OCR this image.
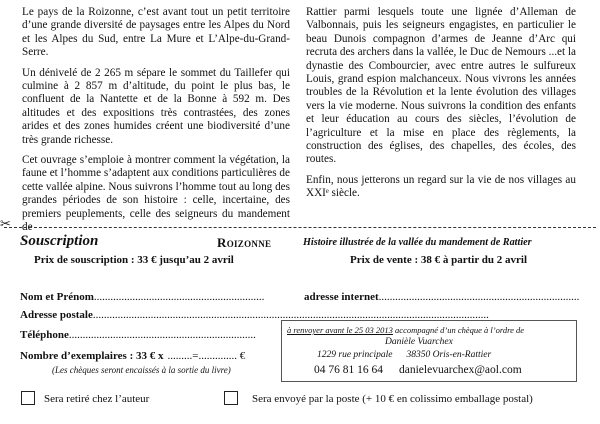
Le pays de la Roizonne, c’est avant tout un petit territoire d’une grande diversité de paysages entre les Alpes du Nord et les Alpes du Sud, entre La Mure et L’Alpe-du-Grand-Serre.

Un dénivelé de 2 265 m sépare le sommet du Taillefer qui culmine à 2 857 m d’altitude, du point le plus bas, le confluent de la Nantette et de la Bonne à 592 m. Des altitudes et des expositions très contrastées, des zones arides et des zones humides créent une biodiversité d’une très grande richesse.

Cet ouvrage s’emploie à montrer comment la végétation, la faune et l’homme s’adaptent aux conditions particulières de cette vallée alpine. Nous suivrons l’homme tout au long des grandes périodes de son histoire : celle, incertaine, des premiers peuplements, celle des seigneurs du mandement de

Rattier parmi lesquels toute une lignée d’Alleman de Valbonnais, puis les seigneurs engagistes, en particulier le beau Dunois compagnon d’armes de Jeanne d’Arc qui recruta des archers dans la vallée, le Duc de Nemours ...et la dynastie des Combourcier, avec entre autres le sulfureux Louis, grand espion malchanceux. Nous vivrons les années troubles de la Révolution et la lente évolution des villages vers la vie moderne. Nous suivrons la condition des enfants et leur éducation au cours des siècles, l’évolution de l’agriculture et la mise en place des règlements, la construction des églises, des chapelles, des écoles, des routes.

Enfin, nous jetterons un regard sur la vie de nos villages au XXIᵉ siècle.

✂
Souscription	Roizonne	Histoire illustrée de la vallée du mandement de Rattier
Prix de souscription : 33 € jusqu’au 2 avril	Prix de vente : 38 € à partir du 2 avril
Nom et Prénom..............................................................	adresse internet.........................................................................
Adresse postale................................................................................................................................................
Téléphone....................................................................
Nombre d’exemplaires : 33 € x .........=.............. €
(Les chèques seront encaissés à la sortie du livre)
à renvoyer avant le 25 03 2013 accompagné d’un chèque à l’ordre de
Danièle Vuarchex
1229 rue principale 38350 Oris-en-Rattier
04 76 81 16 64 danielevuarchex@aol.com
Sera retiré chez l’auteur	Sera envoyé par la poste (+ 10 € en colissimo emballage postal)
